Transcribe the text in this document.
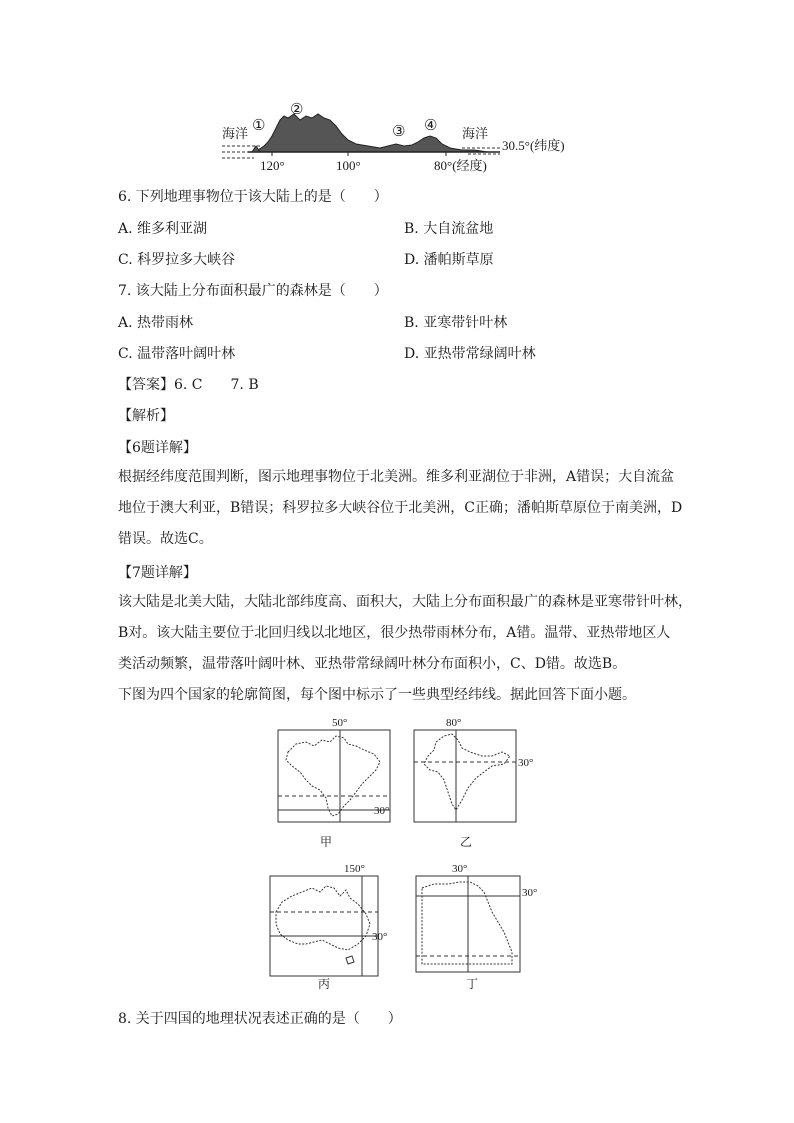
海洋	海洋
①
②
③ ④
120°	100°	80°(经度)
30.5°(纬度)
6. 下列地理事物位于该大陆上的是（　　）
A. 维多利亚湖	B. 大自流盆地
C. 科罗拉多大峡谷	D. 潘帕斯草原
7. 该大陆上分布面积最广的森林是（　　）
A. 热带雨林	B. 亚寒带针叶林
C. 温带落叶阔叶林	D. 亚热带常绿阔叶林
【答案】6. C　　7. B
【解析】
【6题详解】
根据经纬度范围判断，图示地理事物位于北美洲。维多利亚湖位于非洲，A错误；大自流盆
地位于澳大利亚，B错误；科罗拉多大峡谷位于北美洲，C正确；潘帕斯草原位于南美洲，D
错误。故选C。
【7题详解】
该大陆是北美大陆，大陆北部纬度高、面积大，大陆上分布面积最广的森林是亚寒带针叶林，
B对。该大陆主要位于北回归线以北地区，很少热带雨林分布，A错。温带、亚热带地区人
类活动频繁，温带落叶阔叶林、亚热带常绿阔叶林分布面积小，C、D错。故选B。
下图为四个国家的轮廓简图，每个图中标示了一些典型经纬线。据此回答下面小题。
50°
30°
甲
80°
30°
乙
150°
30°
丙
30°
30°
丁
8. 关于四国的地理状况表述正确的是（　　）
